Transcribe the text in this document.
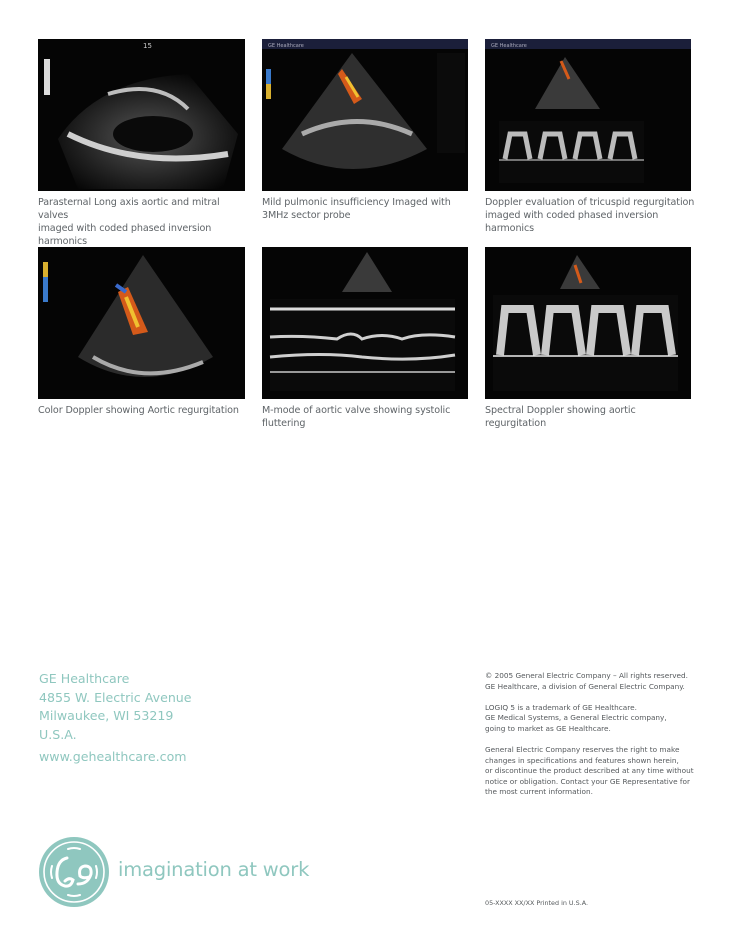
15	GE Healthcare	GE Healthcare
Parasternal Long axis aortic and mitral valves
imaged with coded phased inversion harmonics
Mild pulmonic insufficiency Imaged with
3MHz sector probe
Doppler evaluation of tricuspid regurgitation
imaged with coded phased inversion harmonics
Color Doppler showing Aortic regurgitation	M-mode of aortic valve showing systolic
fluttering
Spectral Doppler showing aortic regurgitation
GE Healthcare
4855 W. Electric Avenue
Milwaukee, WI 53219
U.S.A.
www.gehealthcare.com

© 2005 General Electric Company – All rights reserved.
GE Healthcare, a division of General Electric Company.

LOGIQ 5 is a trademark of GE Healthcare.
GE Medical Systems, a General Electric company,
going to market as GE Healthcare.

General Electric Company reserves the right to make
changes in specifications and features shown herein,
or discontinue the product described at any time without
notice or obligation. Contact your GE Representative for
the most current information.

imagination at work
05-XXXX XX/XX Printed in U.S.A.
